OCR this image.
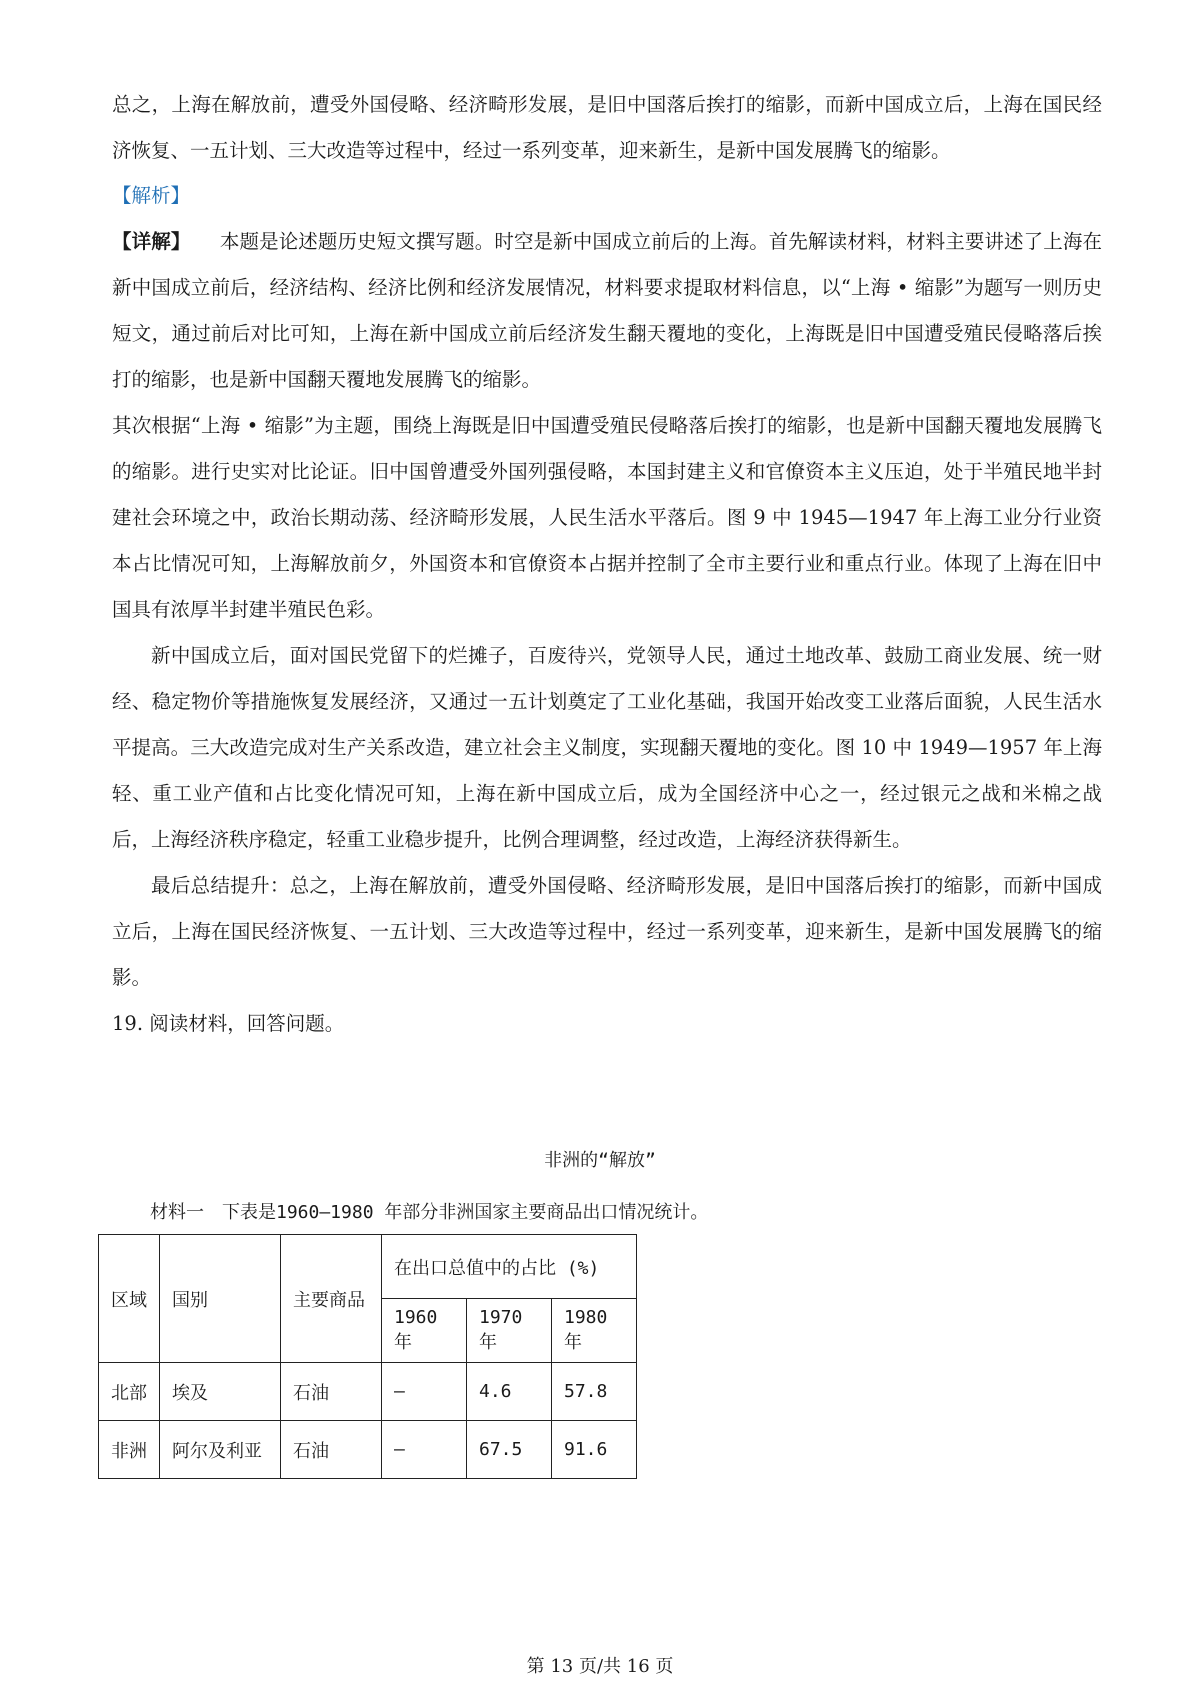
总之，上海在解放前，遭受外国侵略、经济畸形发展，是旧中国落后挨打的缩影，而新中国成立后，上海在国民经济恢复、一五计划、三大改造等过程中，经过一系列变革，迎来新生，是新中国发展腾飞的缩影。

【解析】

【详解】　　本题是论述题历史短文撰写题。时空是新中国成立前后的上海。首先解读材料，材料主要讲述了上海在新中国成立前后，经济结构、经济比例和经济发展情况，材料要求提取材料信息，以“上海 • 缩影”为题写一则历史短文，通过前后对比可知，上海在新中国成立前后经济发生翻天覆地的变化，上海既是旧中国遭受殖民侵略落后挨打的缩影，也是新中国翻天覆地发展腾飞的缩影。

其次根据“上海 • 缩影”为主题，围绕上海既是旧中国遭受殖民侵略落后挨打的缩影，也是新中国翻天覆地发展腾飞的缩影。进行史实对比论证。旧中国曾遭受外国列强侵略，本国封建主义和官僚资本主义压迫，处于半殖民地半封建社会环境之中，政治长期动荡、经济畸形发展，人民生活水平落后。图 9 中 1945—1947 年上海工业分行业资本占比情况可知，上海解放前夕，外国资本和官僚资本占据并控制了全市主要行业和重点行业。体现了上海在旧中国具有浓厚半封建半殖民色彩。

新中国成立后，面对国民党留下的烂摊子，百废待兴，党领导人民，通过土地改革、鼓励工商业发展、统一财经、稳定物价等措施恢复发展经济，又通过一五计划奠定了工业化基础，我国开始改变工业落后面貌，人民生活水平提高。三大改造完成对生产关系改造，建立社会主义制度，实现翻天覆地的变化。图 10 中 1949—1957 年上海轻、重工业产值和占比变化情况可知，上海在新中国成立后，成为全国经济中心之一，经过银元之战和米棉之战后，上海经济秩序稳定，轻重工业稳步提升，比例合理调整，经过改造，上海经济获得新生。

最后总结提升：总之，上海在解放前，遭受外国侵略、经济畸形发展，是旧中国落后挨打的缩影，而新中国成立后，上海在国民经济恢复、一五计划、三大改造等过程中，经过一系列变革，迎来新生，是新中国发展腾飞的缩影。

19. 阅读材料，回答问题。

非洲的“解放”
材料一　下表是1960—1980 年部分非洲国家主要商品出口情况统计。
区域	国别	主要商品	在出口总值中的占比 (%)		
			1960 年	1970 年	1980 年
北部	埃及	石油	—	4.6	57.8
非洲	阿尔及利亚	石油	—	67.5	91.6
第 13 页/共 16 页
